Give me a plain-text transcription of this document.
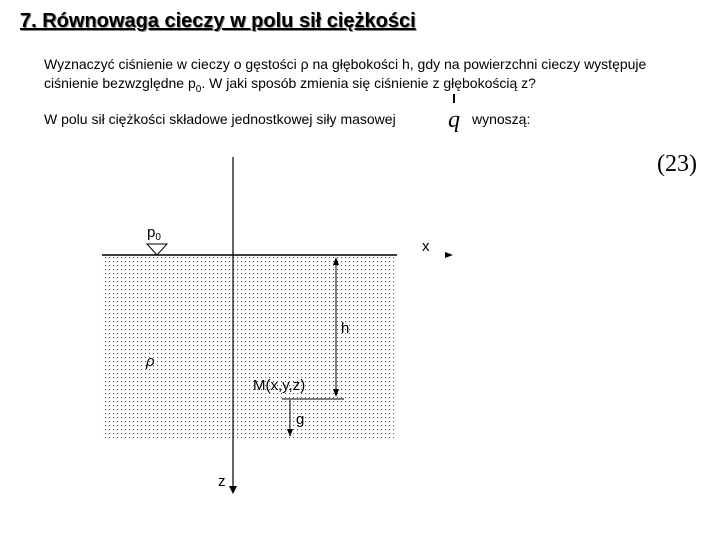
7. Równowaga cieczy w polu sił ciężkości
Wyznaczyć ciśnienie w cieczy o gęstości ρ na głębokości h, gdy na powierzchni cieczy występuje ciśnienie bezwzględne $p_0$. W jaki sposób zmienia się ciśnienie z głębokością z?
W polu sił ciężkości składowe jednostkowej siły masowej q wynoszą:
(23)
$p_0$
x
h
ρ
M(x,y,z)
g
z
